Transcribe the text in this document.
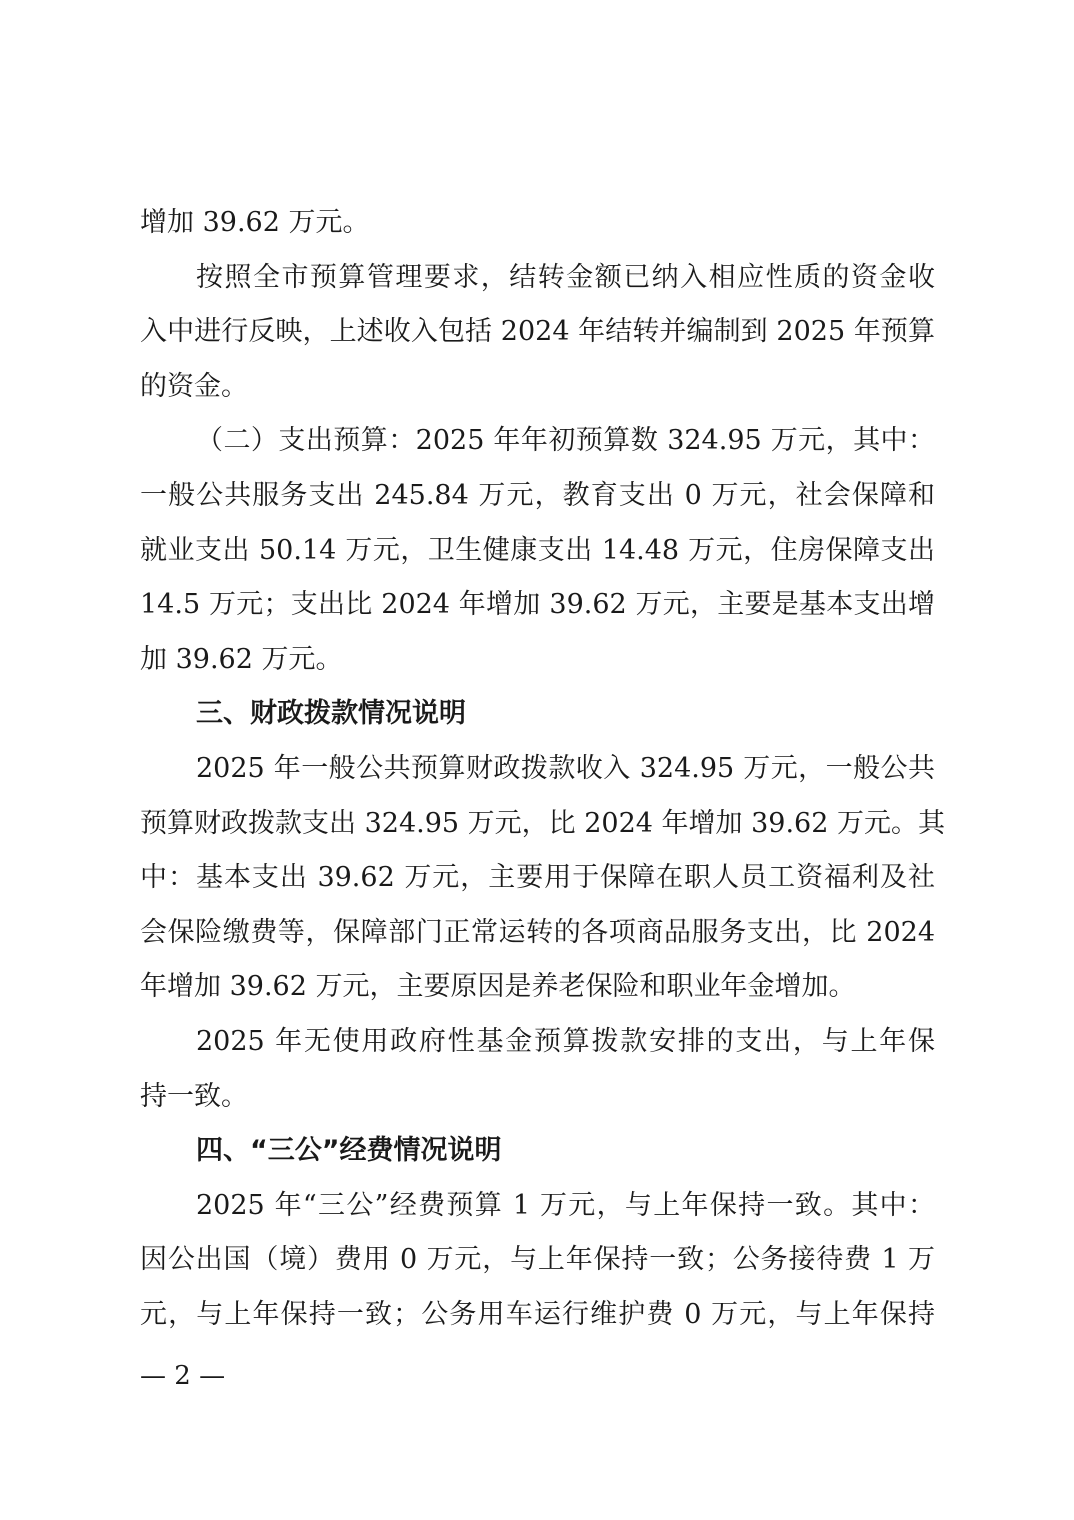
增加 39.62 万元。
按照全市预算管理要求，结转金额已纳入相应性质的资金收
入中进行反映，上述收入包括 2024 年结转并编制到 2025 年预算
的资金。
（二）支出预算：2025 年年初预算数 324.95 万元，其中：
一般公共服务支出 245.84 万元，教育支出 0 万元，社会保障和
就业支出 50.14 万元，卫生健康支出 14.48 万元，住房保障支出
14.5 万元；支出比 2024 年增加 39.62 万元，主要是基本支出增
加 39.62 万元。
三、财政拨款情况说明
2025 年一般公共预算财政拨款收入 324.95 万元，一般公共
预算财政拨款支出 324.95 万元，比 2024 年增加 39.62 万元。其
中：基本支出 39.62 万元，主要用于保障在职人员工资福利及社
会保险缴费等，保障部门正常运转的各项商品服务支出，比 2024
年增加 39.62 万元，主要原因是养老保险和职业年金增加。
2025 年无使用政府性基金预算拨款安排的支出，与上年保
持一致。
四、“三公”经费情况说明
2025 年“三公”经费预算 1 万元，与上年保持一致。其中：
因公出国（境）费用 0 万元，与上年保持一致；公务接待费 1 万
元，与上年保持一致；公务用车运行维护费 0 万元，与上年保持
— 2 —
